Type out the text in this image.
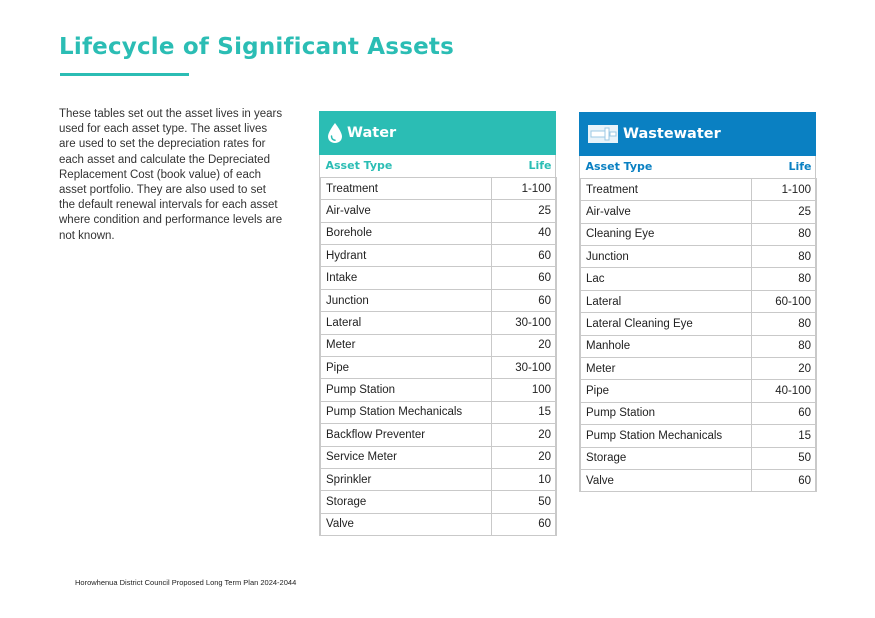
Lifecycle of Significant Assets
These tables set out the asset lives in years used for each asset type. The asset lives are used to set the depreciation rates for each asset and calculate the Depreciated Replacement Cost (book value) of each asset portfolio. They are also used to set the default renewal intervals for each asset where condition and performance levels are not known.
Water
Asset Type	Life
Treatment	1-100
Air-valve	25
Borehole	40
Hydrant	60
Intake	60
Junction	60
Lateral	30-100
Meter	20
Pipe	30-100
Pump Station	100
Pump Station Mechanicals	15
Backflow Preventer	20
Service Meter	20
Sprinkler	10
Storage	50
Valve	60
Wastewater
Asset Type	Life
Treatment	1-100
Air-valve	25
Cleaning Eye	80
Junction	80
Lac	80
Lateral	60-100
Lateral Cleaning Eye	80
Manhole	80
Meter	20
Pipe	40-100
Pump Station	60
Pump Station Mechanicals	15
Storage	50
Valve	60
Horowhenua District Council Proposed Long Term Plan 2024-2044
